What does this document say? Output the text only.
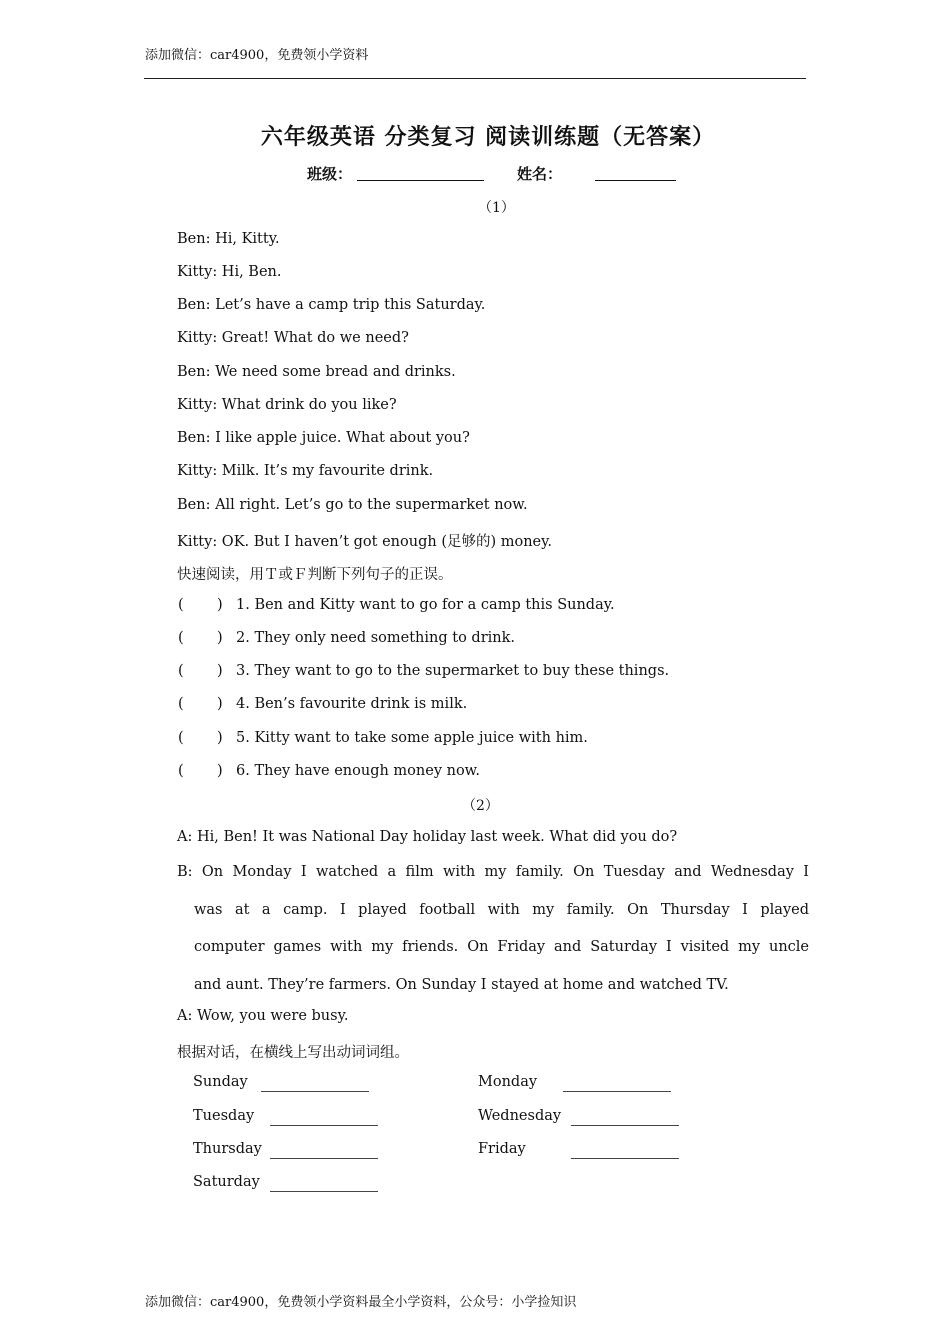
添加微信：car4900，免费领小学资料
六年级英语 分类复习 阅读训练题（无答案）
班级：	姓名：
（1）
Ben: Hi, Kitty.
Kitty: Hi, Ben.
Ben: Let’s have a camp trip this Saturday.
Kitty: Great! What do we need?
Ben: We need some bread and drinks.
Kitty: What drink do you like?
Ben: I like apple juice. What about you?
Kitty: Milk. It’s my favourite drink.
Ben: All right. Let’s go to the supermarket now.
Kitty: OK. But I haven’t got enough (足够的) money.
快速阅读，用Ｔ或Ｆ判断下列句子的正误。
( ) 1. Ben and Kitty want to go for a camp this Sunday.
( ) 2. They only need something to drink.
( ) 3. They want to go to the supermarket to buy these things.
( ) 4. Ben’s favourite drink is milk.
( ) 5. Kitty want to take some apple juice with him.
( ) 6. They have enough money now.
（2）
A: Hi, Ben! It was National Day holiday last week. What did you do?
B: On Monday I watched a film with my family. On Tuesday and Wednesday I
was at a camp. I played football with my family. On Thursday I played
computer games with my friends. On Friday and Saturday I visited my uncle
and aunt. They’re farmers. On Sunday I stayed at home and watched TV.
A: Wow, you were busy.
根据对话，在横线上写出动词词组。
Sunday	Monday
Tuesday	Wednesday
Thursday	Friday
Saturday
添加微信：car4900，免费领小学资料最全小学资料，公众号：小学捡知识
